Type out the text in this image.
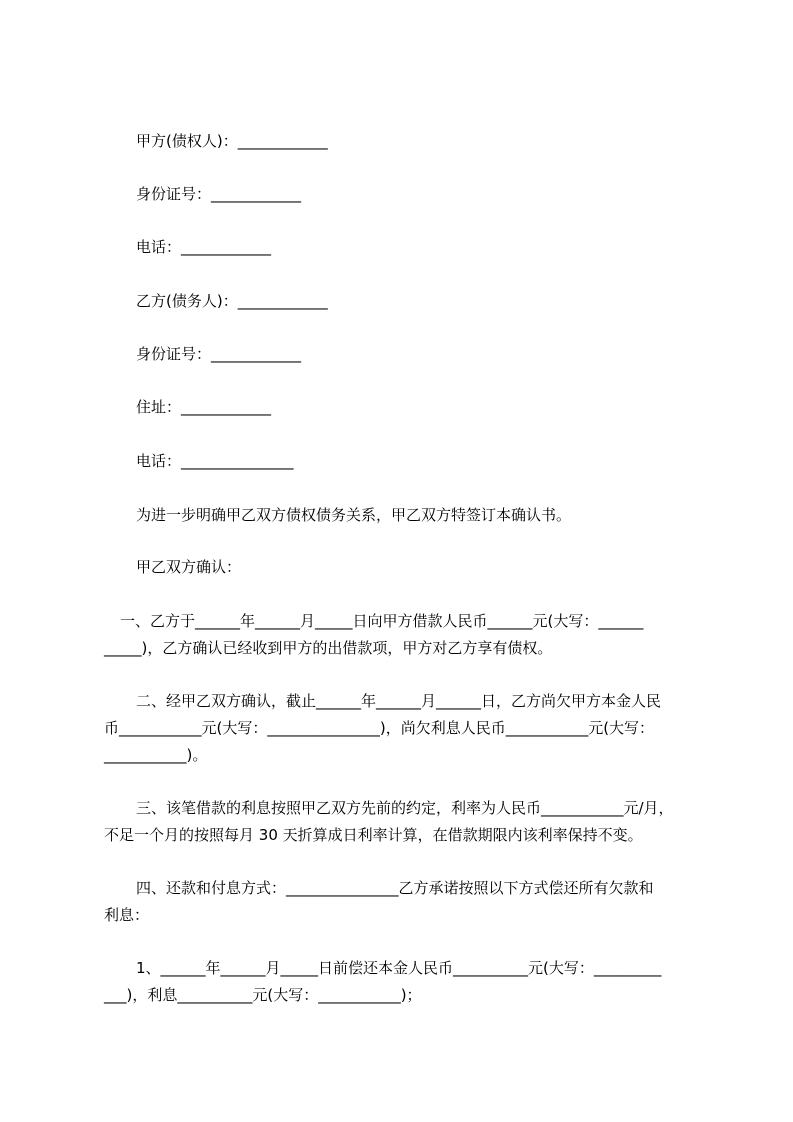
甲方(债权人)：____________
身份证号：____________
电话：____________
乙方(债务人)：____________
身份证号：____________
住址：____________
电话：_______________
为进一步明确甲乙双方债权债务关系，甲乙双方特签订本确认书。
甲乙双方确认：
一、乙方于______年______月_____日向甲方借款人民币______元(大写：______
_____)，乙方确认已经收到甲方的出借款项，甲方对乙方享有债权。
二、经甲乙双方确认，截止______年______月______日，乙方尚欠甲方本金人民
币___________元(大写：_______________)，尚欠利息人民币___________元(大写：
___________)。
三、该笔借款的利息按照甲乙双方先前的约定，利率为人民币___________元/月，
不足一个月的按照每月 30 天折算成日利率计算，在借款期限内该利率保持不变。
四、还款和付息方式：_______________乙方承诺按照以下方式偿还所有欠款和
利息：
1、______年______月_____日前偿还本金人民币__________元(大写：_________
___)，利息__________元(大写：___________)；
